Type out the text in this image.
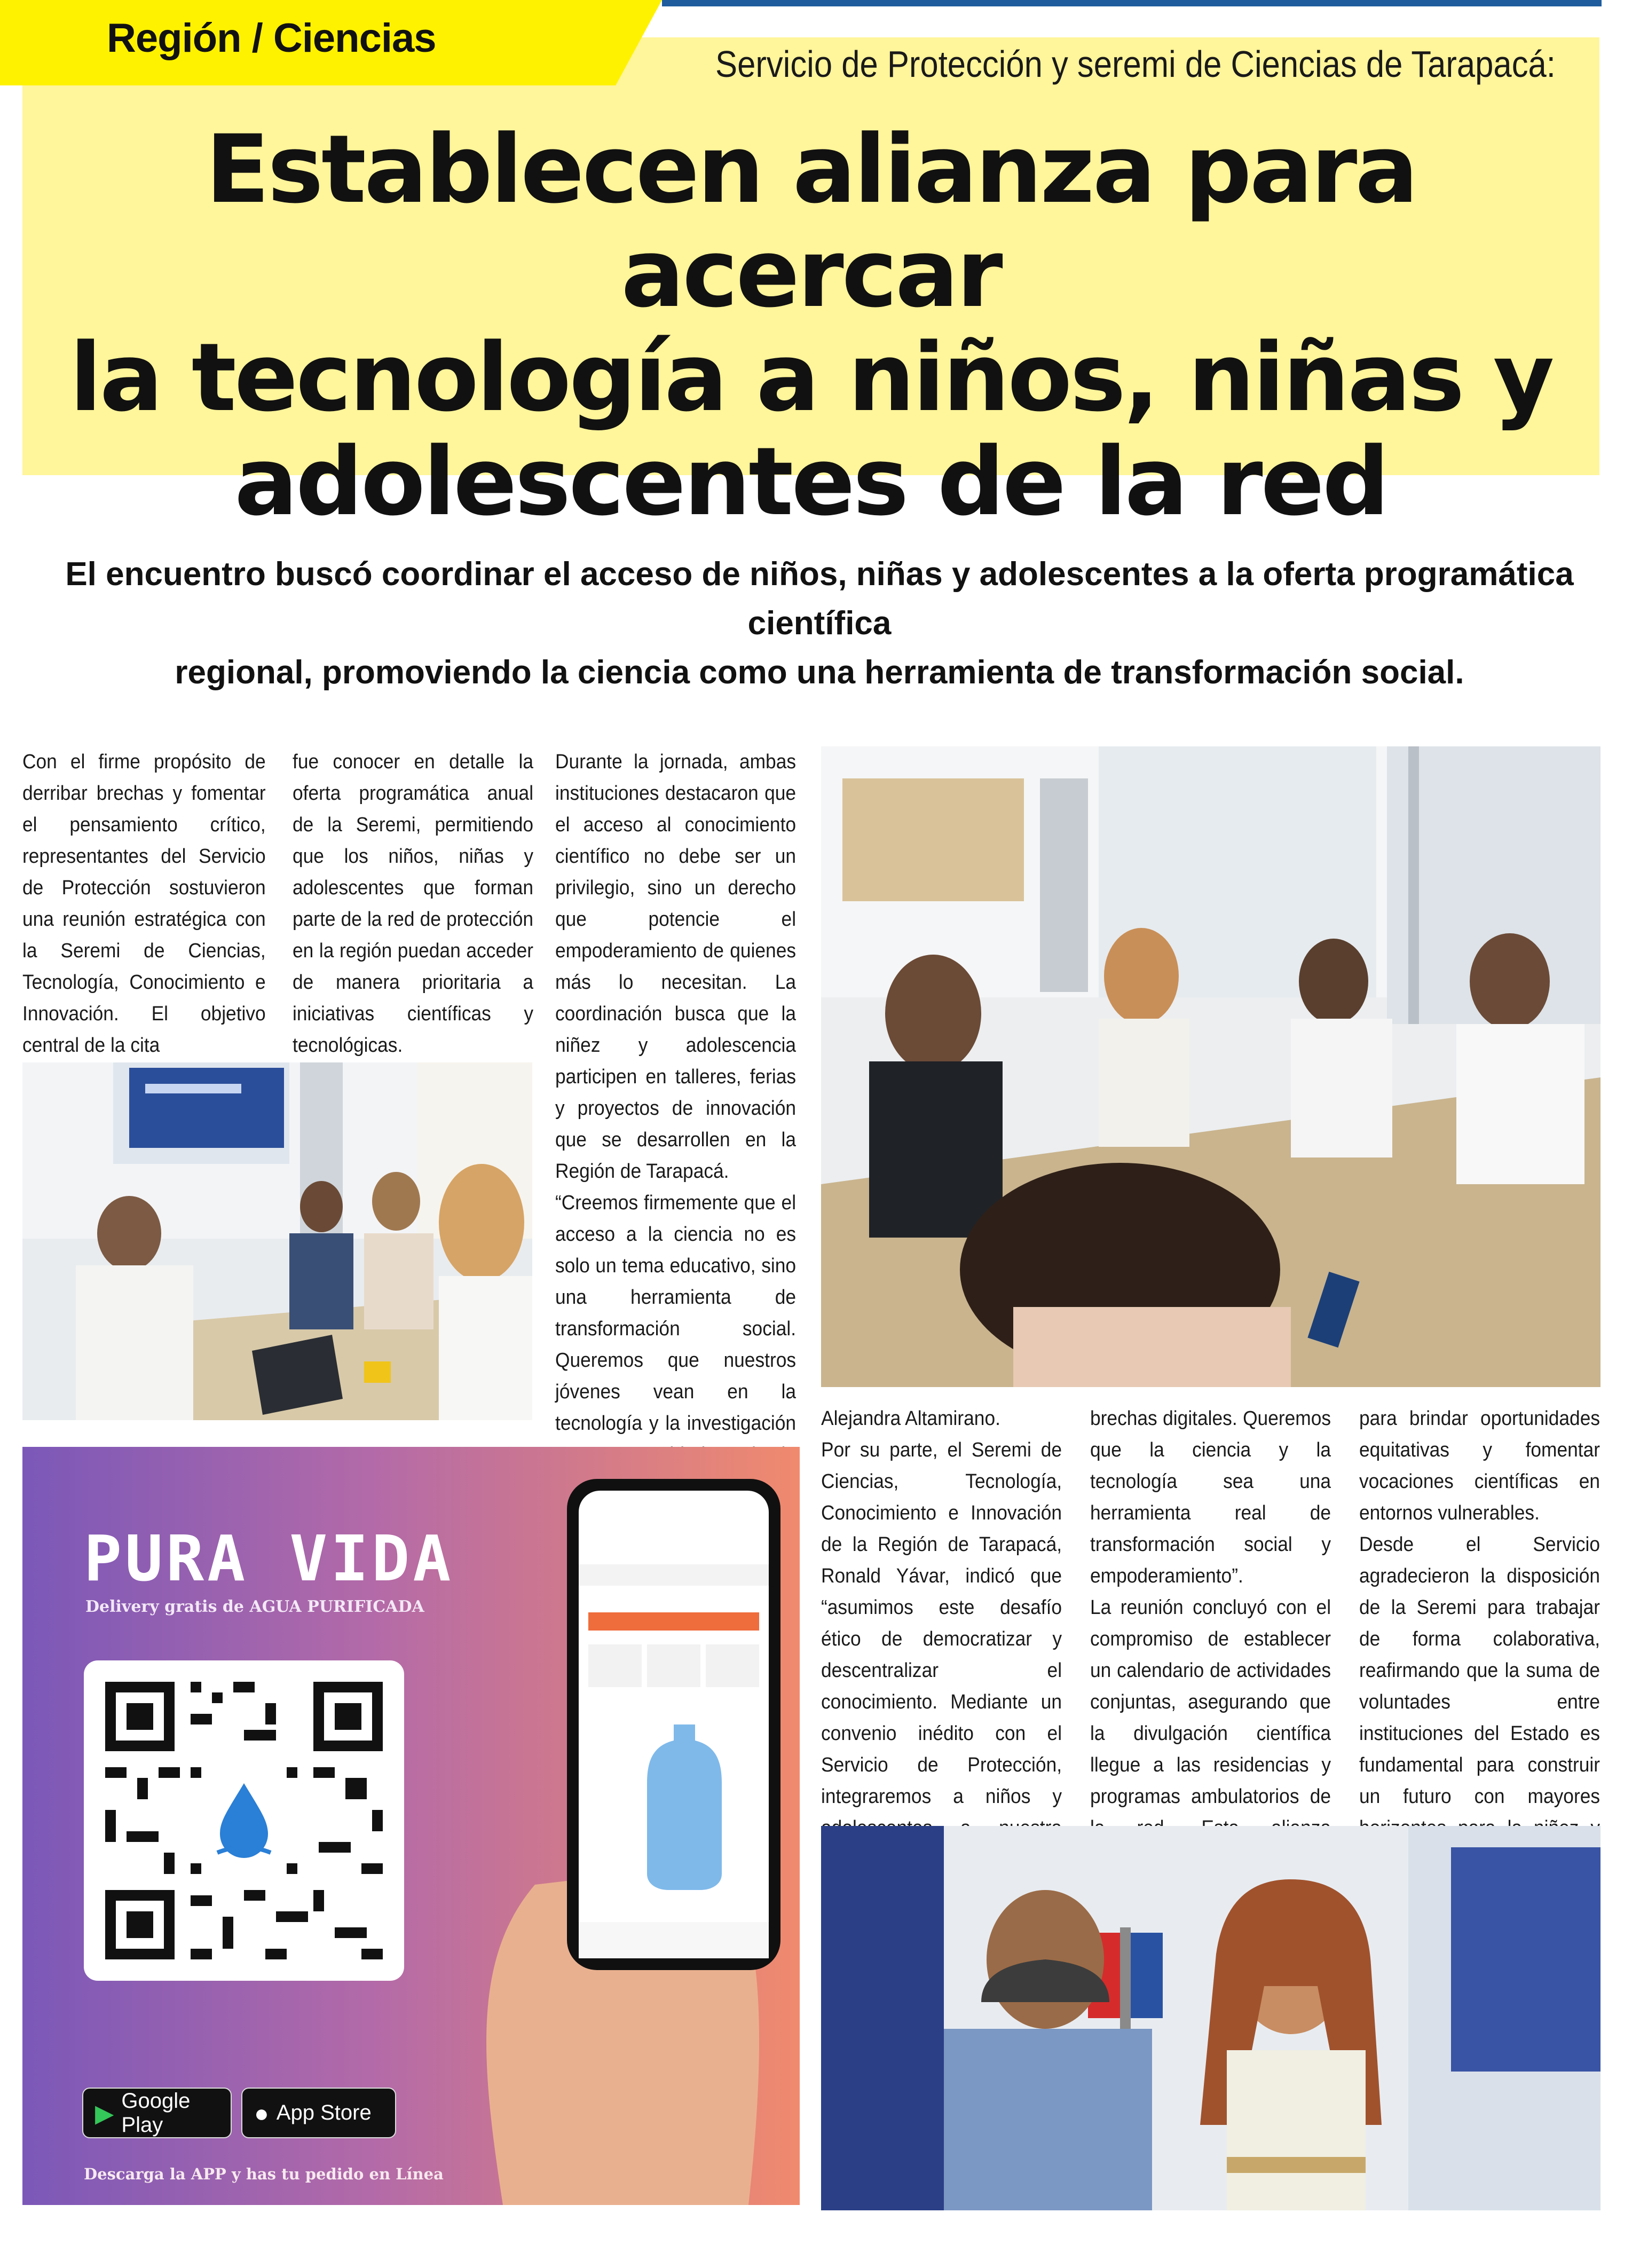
Región / Ciencias
Servicio de Protección y seremi de Ciencias de Tarapacá:
Establecen alianza para acercar
la tecnología a niños, niñas y
adolescentes de la red
El encuentro buscó coordinar el acceso de niños, niñas y adolescentes a la oferta programática científica
regional, promoviendo la ciencia como una herramienta de transformación social.

Con el firme propósito de derribar brechas y fomentar el pensamiento crítico, representantes del Servicio de Protección sostuvieron una reunión estratégica con la Seremi de Ciencias, Tecnología, Conocimiento e Innovación. El objetivo central de la cita

fue conocer en detalle la oferta programática anual de la Seremi, permitiendo que los niños, niñas y adolescentes que forman parte de la red de protección en la región puedan acceder de manera prioritaria a iniciativas científicas y tecnológicas.

Durante la jornada, ambas instituciones destacaron que el acceso al conocimiento científico no debe ser un privilegio, sino un derecho que potencie el empoderamiento de quienes más lo necesitan. La coordinación busca que la niñez y adolescencia participen en talleres, ferias y proyectos de innovación que se desarrollen en la Región de Tarapacá.

“Creemos firmemente que el acceso a la ciencia no es solo un tema educativo, sino una herramienta de transformación social. Queremos que nuestros jóvenes vean en la tecnología y la investigación Alejandra Altamirano.

Por su parte, el Seremi de Ciencias, Tecnología, Conocimiento e Innovación de la Región de Tarapacá, Ronald Yávar, indicó que “asumimos este desafío ético de democratizar y descentralizar el conocimiento. Mediante un convenio inédito con el Servicio de Protección, integraremos a niños y

brechas digitales. Queremos que la ciencia y la tecnología sea una herramienta real de transformación social y empoderamiento”.

La reunión concluyó con el compromiso de establecer un calendario de actividades conjuntas, asegurando que la divulgación científica llegue a las residencias y programas ambulatorios de

para brindar oportunidades equitativas y fomentar vocaciones científicas en entornos vulnerables.

Desde el Servicio agradecieron la disposición de la Seremi para trabajar de forma colaborativa, reafirmando que la suma de voluntades entre instituciones del Estado es fundamental para construir un futuro con mayores

PURA VIDA
Delivery gratis de AGUA PURIFICADA
▶ Google Play	● App Store
Descarga la APP y has tu pedido en Línea
